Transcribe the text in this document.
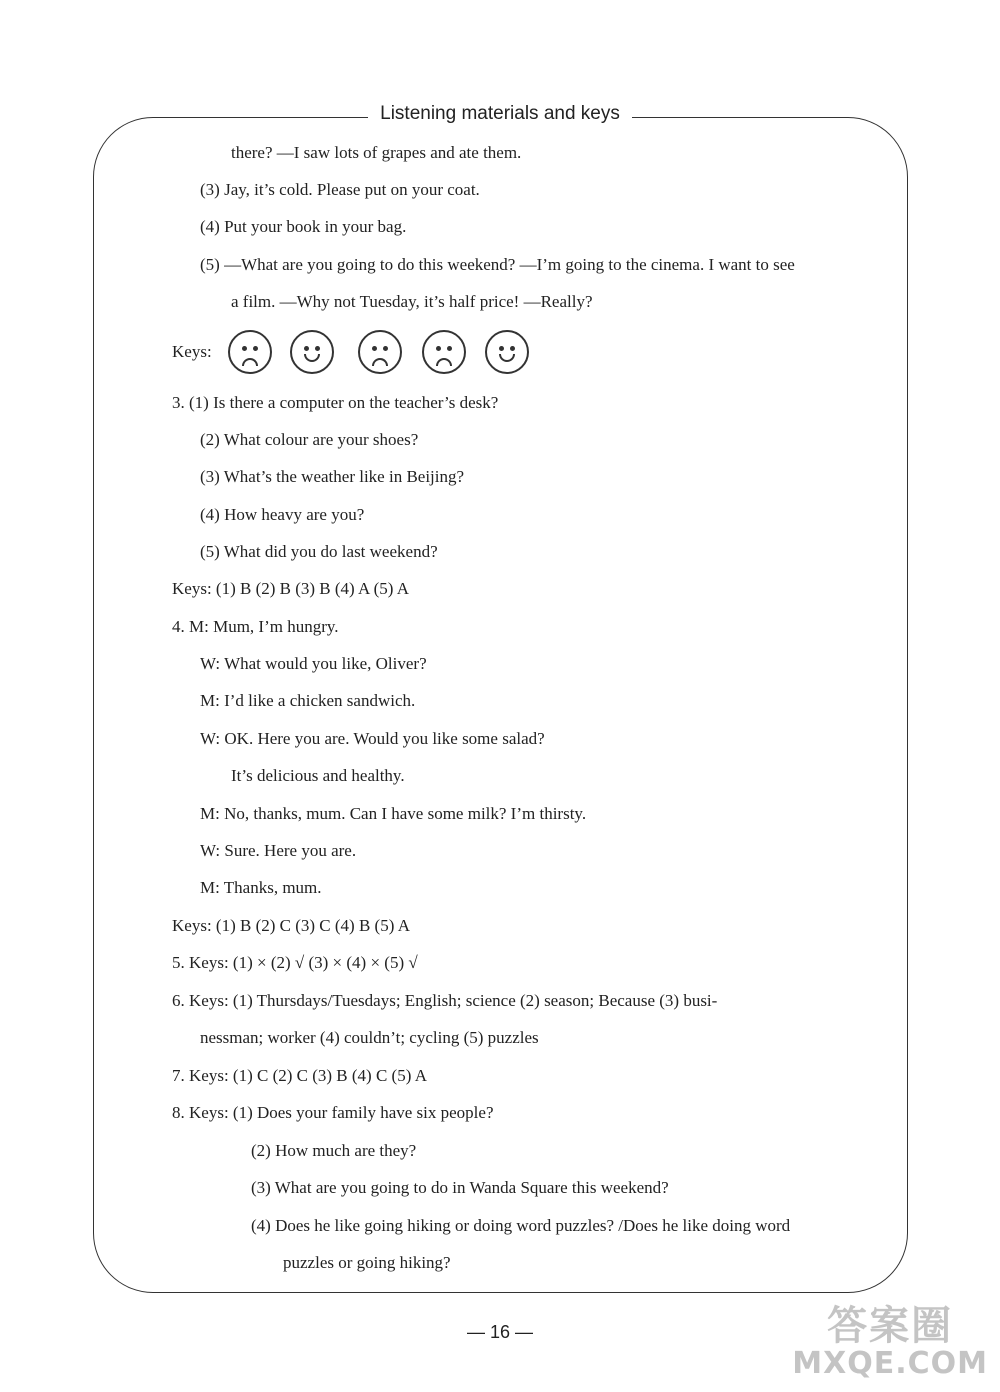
Listening materials and keys
there? —I saw lots of grapes and ate them.
(3) Jay, it’s cold. Please put on your coat.
(4) Put your book in your bag.
(5) —What are you going to do this weekend? —I’m going to the cinema. I want to see
a film. —Why not Tuesday, it’s half price! —Really?
Keys:
3. (1) Is there a computer on the teacher’s desk?
(2) What colour are your shoes?
(3) What’s the weather like in Beijing?
(4) How heavy are you?
(5) What did you do last weekend?
Keys: (1) B (2) B (3) B (4) A (5) A
4. M: Mum, I’m hungry.
W: What would you like, Oliver?
M: I’d like a chicken sandwich.
W: OK. Here you are. Would you like some salad?
It’s delicious and healthy.
M: No, thanks, mum. Can I have some milk? I’m thirsty.
W: Sure. Here you are.
M: Thanks, mum.
Keys: (1) B (2) C (3) C (4) B (5) A
5. Keys: (1) × (2) √ (3) × (4) × (5) √
6. Keys: (1) Thursdays/Tuesdays; English; science (2) season; Because (3) busi-
nessman; worker (4) couldn’t; cycling (5) puzzles
7. Keys: (1) C (2) C (3) B (4) C (5) A
8. Keys: (1) Does your family have six people?
(2) How much are they?
(3) What are you going to do in Wanda Square this weekend?
(4) Does he like going hiking or doing word puzzles? /Does he like doing word
puzzles or going hiking?
— 16 —	答案圈
MXQE.COM
